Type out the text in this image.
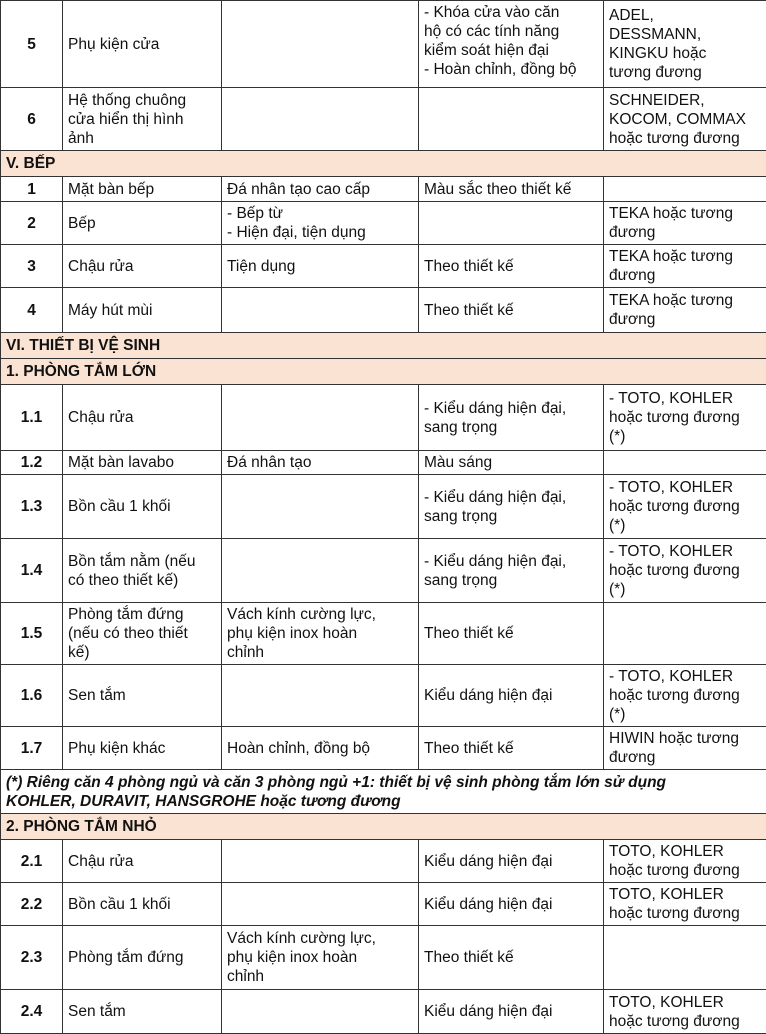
5	Phụ kiện cửa		- Khóa cửa vào căn
hộ có các tính năng
kiểm soát hiện đại
- Hoàn chỉnh, đồng bộ	ADEL,
DESSMANN,
KINGKU hoặc
tương đương
6	Hệ thống chuông
cửa hiển thị hình
ảnh			SCHNEIDER,
KOCOM, COMMAX
hoặc tương đương
V. BẾP				
1	Mặt bàn bếp	Đá nhân tạo cao cấp	Màu sắc theo thiết kế	
2	Bếp	- Bếp từ
- Hiện đại, tiện dụng		TEKA hoặc tương
đương
3	Chậu rửa	Tiện dụng	Theo thiết kế	TEKA hoặc tương
đương
4	Máy hút mùi		Theo thiết kế	TEKA hoặc tương
đương
VI. THIẾT BỊ VỆ SINH				
1. PHÒNG TẮM LỚN				
1.1	Chậu rửa		- Kiểu dáng hiện đại,
sang trọng	- TOTO, KOHLER
hoặc tương đương
(*)
1.2	Mặt bàn lavabo	Đá nhân tạo	Màu sáng	
1.3	Bồn cầu 1 khối		- Kiểu dáng hiện đại,
sang trọng	- TOTO, KOHLER
hoặc tương đương
(*)
1.4	Bồn tắm nằm (nếu
có theo thiết kế)		- Kiểu dáng hiện đại,
sang trọng	- TOTO, KOHLER
hoặc tương đương
(*)
1.5	Phòng tắm đứng
(nếu có theo thiết
kế)	Vách kính cường lực,
phụ kiện inox hoàn
chỉnh	Theo thiết kế	
1.6	Sen tắm		Kiểu dáng hiện đại	- TOTO, KOHLER
hoặc tương đương
(*)
1.7	Phụ kiện khác	Hoàn chỉnh, đồng bộ	Theo thiết kế	HIWIN hoặc tương
đương
(*) Riêng căn 4 phòng ngủ và căn 3 phòng ngủ +1: thiết bị vệ sinh phòng tắm lớn sử dụng
KOHLER, DURAVIT, HANSGROHE hoặc tương đương				
2. PHÒNG TẮM NHỎ				
2.1	Chậu rửa		Kiểu dáng hiện đại	TOTO, KOHLER
hoặc tương đương
2.2	Bồn cầu 1 khối		Kiểu dáng hiện đại	TOTO, KOHLER
hoặc tương đương
2.3	Phòng tắm đứng	Vách kính cường lực,
phụ kiện inox hoàn
chỉnh	Theo thiết kế	
2.4	Sen tắm		Kiểu dáng hiện đại	TOTO, KOHLER
hoặc tương đương
